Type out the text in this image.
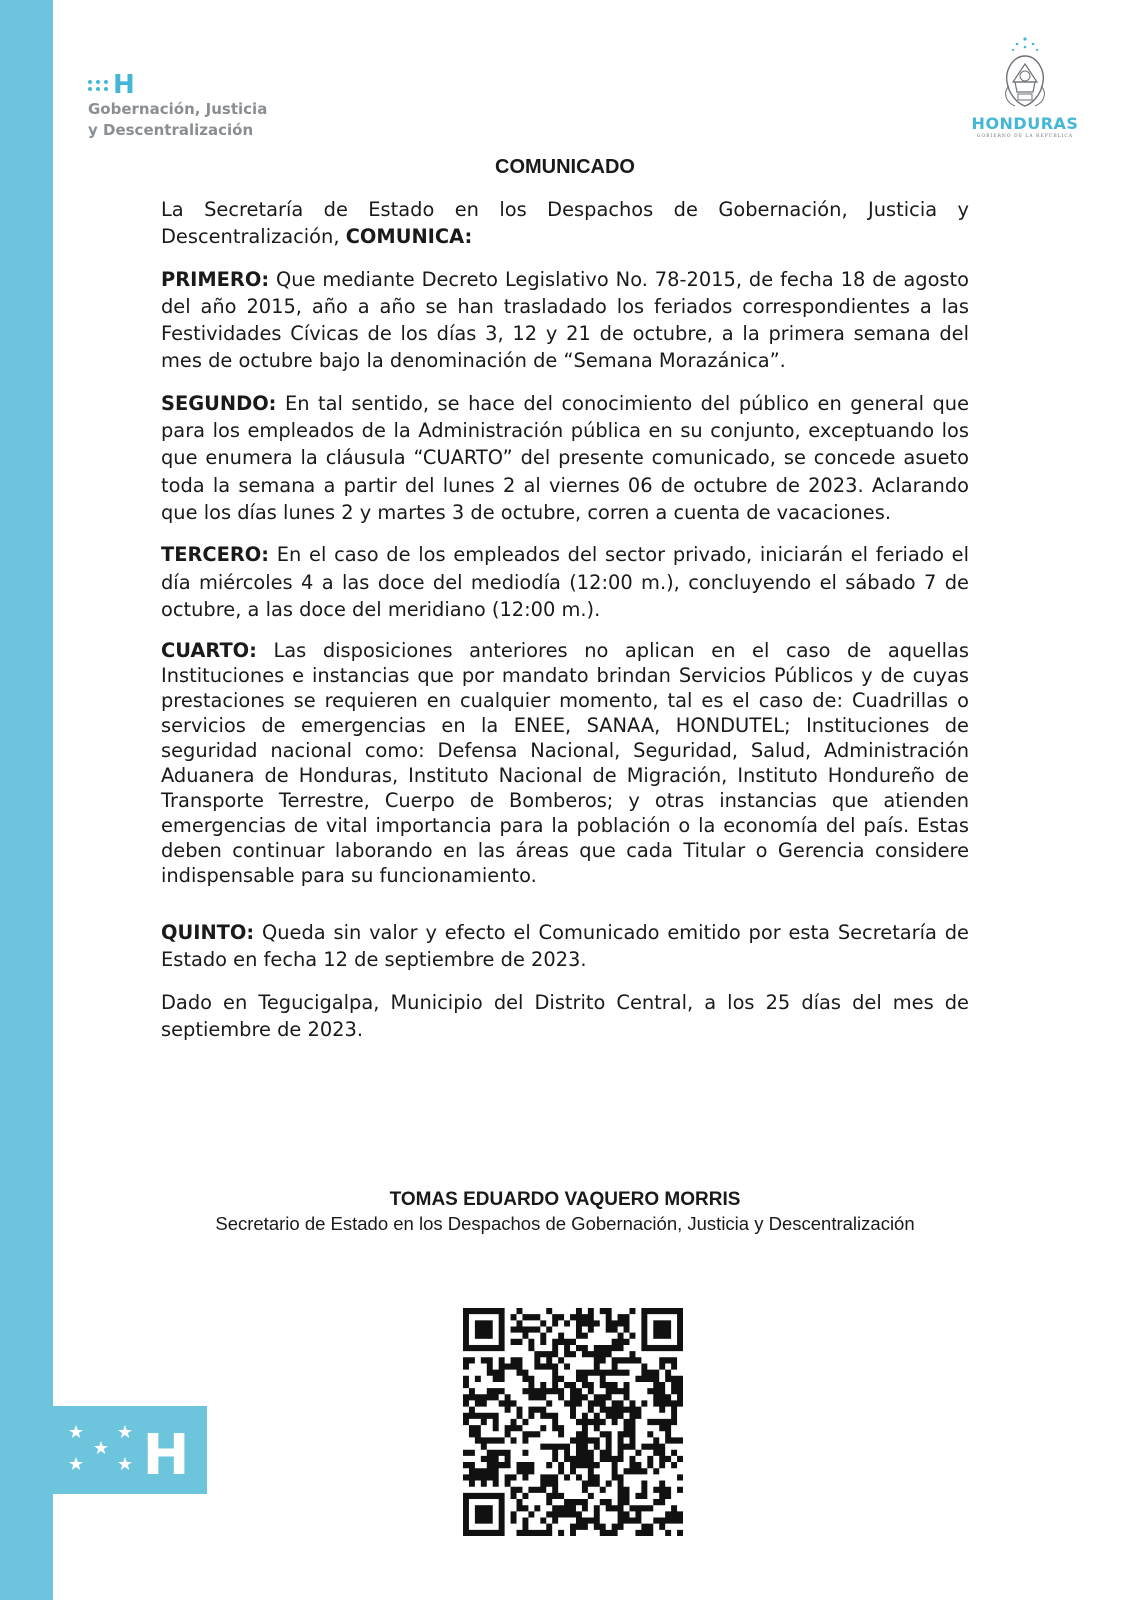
H
Gobernación, Justicia
y Descentralización	HONDURAS
GOBIERNO DE LA REPÚBLICA
COMUNICADO

La Secretaría de Estado en los Despachos de Gobernación, Justicia y Descentralización, COMUNICA:

PRIMERO: Que mediante Decreto Legislativo No. 78-2015, de fecha 18 de agosto del año 2015, año a año se han trasladado los feriados correspondientes a las Festividades Cívicas de los días 3, 12 y 21 de octubre, a la primera semana del mes de octubre bajo la denominación de “Semana Morazánica”.

SEGUNDO: En tal sentido, se hace del conocimiento del público en general que para los empleados de la Administración pública en su conjunto, exceptuando los que enumera la cláusula “CUARTO” del presente comunicado, se concede asueto toda la semana a partir del lunes 2 al viernes 06 de octubre de 2023. Aclarando que los días lunes 2 y martes 3 de octubre, corren a cuenta de vacaciones.

TERCERO: En el caso de los empleados del sector privado, iniciarán el feriado el día miércoles 4 a las doce del mediodía (12:00 m.), concluyendo el sábado 7 de octubre, a las doce del meridiano (12:00 m.).

CUARTO: Las disposiciones anteriores no aplican en el caso de aquellas Instituciones e instancias que por mandato brindan Servicios Públicos y de cuyas prestaciones se requieren en cualquier momento, tal es el caso de: Cuadrillas o servicios de emergencias en la ENEE, SANAA, HONDUTEL; Instituciones de seguridad nacional como: Defensa Nacional, Seguridad, Salud, Administración Aduanera de Honduras, Instituto Nacional de Migración, Instituto Hondureño de Transporte Terrestre, Cuerpo de Bomberos; y otras instancias que atienden emergencias de vital importancia para la población o la economía del país. Estas deben continuar laborando en las áreas que cada Titular o Gerencia considere indispensable para su funcionamiento.

QUINTO: Queda sin valor y efecto el Comunicado emitido por esta Secretaría de Estado en fecha 12 de septiembre de 2023.

Dado en Tegucigalpa, Municipio del Distrito Central, a los 25 días del mes de septiembre de 2023.

TOMAS EDUARDO VAQUERO MORRIS
Secretario de Estado en los Despachos de Gobernación, Justicia y Descentralización
H
